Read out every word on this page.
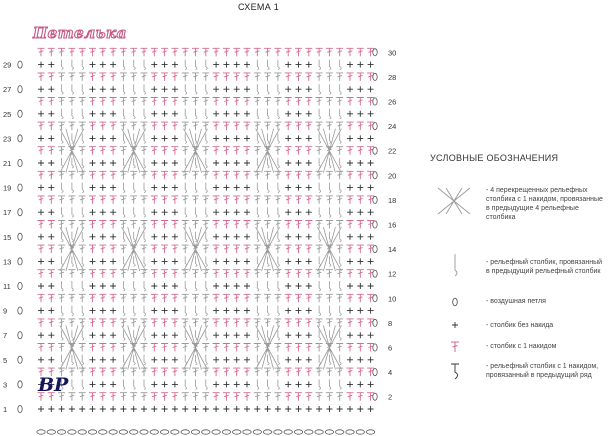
СХЕМА 1
Петелька
29
27
25
23
21
19
17
15
13
11
9
7
5
3
1
30
28
26
24
22
20
18
16
14
12
10
8
6
4
2
УСЛОВНЫЕ ОБОЗНАЧЕНИЯ
- 4 перекрещенных рельефных столбика с 1 накидом, провязанные в предыдущие 4 рельефные столбика
- рельефный столбик, провязанный в предыдущий рельефный столбик
- воздушная петля
- столбик без накида
- столбик с 1 накидом
- рельефный столбик с 1 накидом, провязанный в предыдущий ряд
ВР
